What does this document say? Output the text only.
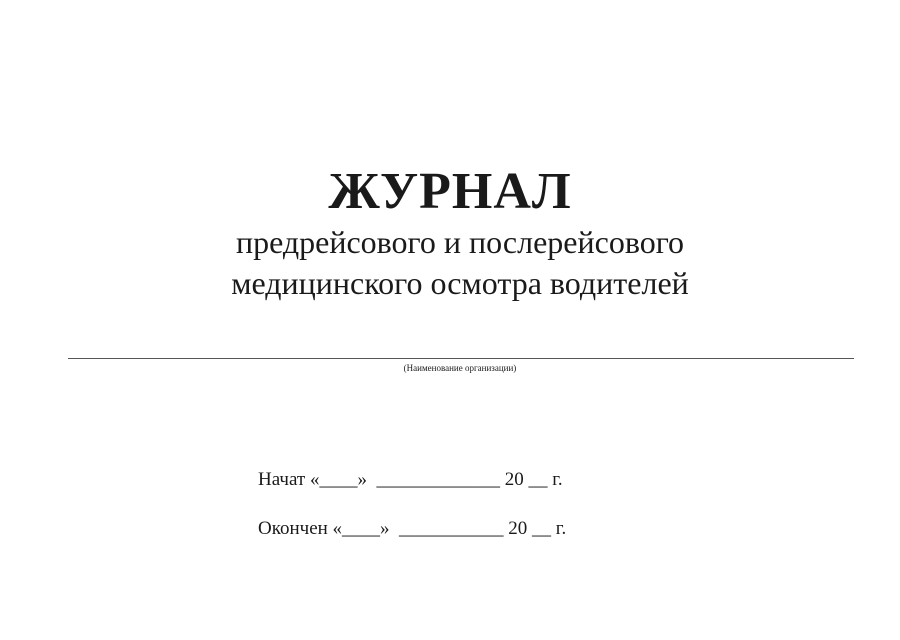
ЖУРНАЛ
предрейсового и послерейсового
медицинского осмотра водителей
(Наименование организации)
Начат «____»  _____________ 20 __ г.
Окончен «____»  ___________ 20 __ г.
